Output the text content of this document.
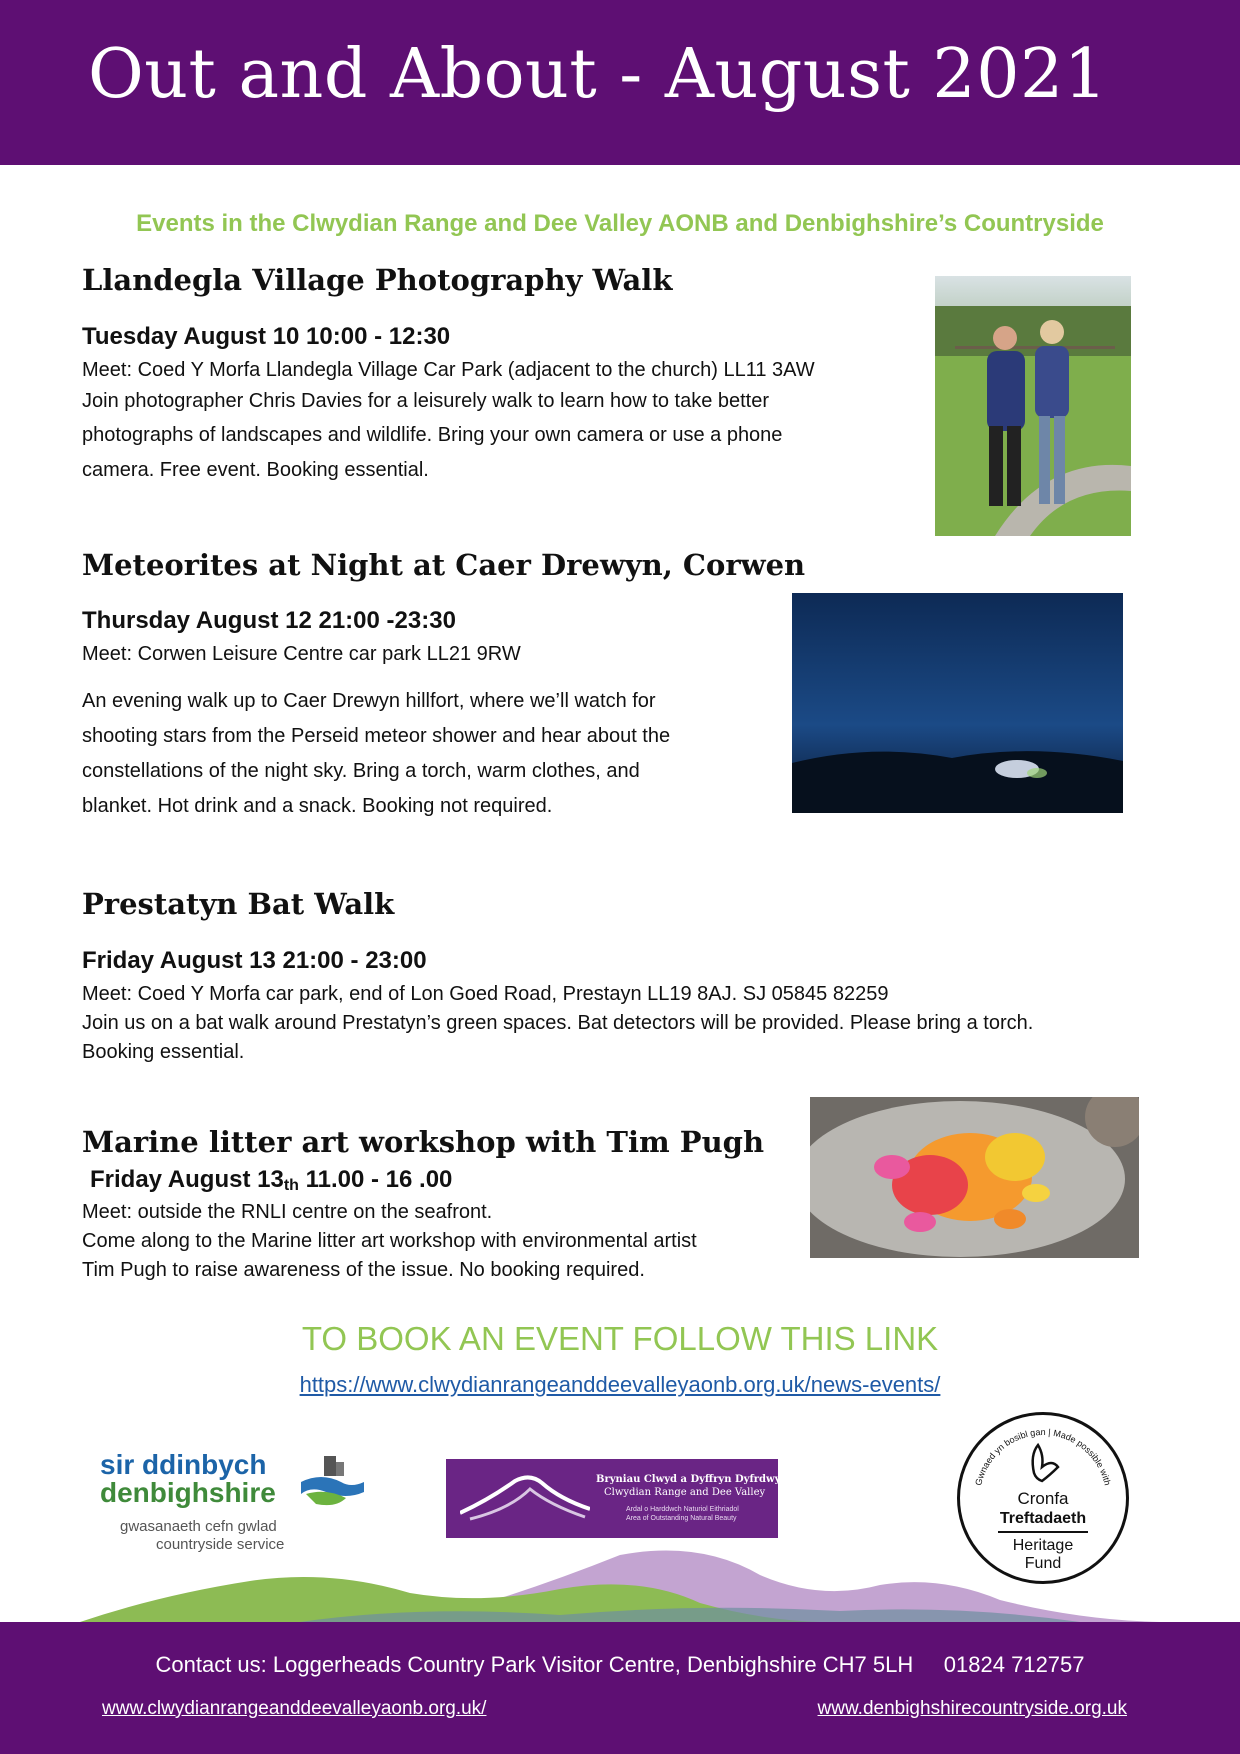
Out and About - August 2021
Events in the Clwydian Range and Dee Valley AONB and Denbighshire’s Countryside
Llandegla Village Photography Walk
Tuesday August 10 10:00 - 12:30

Meet: Coed Y Morfa Llandegla Village Car Park (adjacent to the church) LL11 3AW

Join photographer Chris Davies for a leisurely walk to learn how to take better

photographs of landscapes and wildlife. Bring your own camera or use a phone

camera. Free event. Booking essential.

Meteorites at Night at Caer Drewyn, Corwen
Thursday August 12 21:00 -23:30

Meet: Corwen Leisure Centre car park LL21 9RW

An evening walk up to Caer Drewyn hillfort, where we’ll watch for

shooting stars from the Perseid meteor shower and hear about the

constellations of the night sky. Bring a torch, warm clothes, and

blanket. Hot drink and a snack. Booking not required.

Prestatyn Bat Walk
Friday August 13 21:00 - 23:00

Meet: Coed Y Morfa car park, end of Lon Goed Road, Prestayn LL19 8AJ. SJ 05845 82259

Join us on a bat walk around Prestatyn’s green spaces. Bat detectors will be provided. Please bring a torch.

Booking essential.

Marine litter art workshop with Tim Pugh
Friday August $13_{th}$ 11.00 - 16 .00

Meet: outside the RNLI centre on the seafront.

Come along to the Marine litter art workshop with environmental artist

Tim Pugh to raise awareness of the issue. No booking required.

TO BOOK AN EVENT FOLLOW THIS LINK
https://www.clwydianrangeanddeevalleyaonb.org.uk/news-events/
sir ddinbych
denbighshire
gwasanaeth cefn gwlad
countryside service
Bryniau Clwyd a Dyffryn Dyfrdwy
Clwydian Range and Dee Valley
Ardal o Harddwch Naturiol Eithriadol
Area of Outstanding Natural Beauty
Gwnaed yn bosibl gan | Made possible with
Cronfa
Treftadaeth
Heritage
Fund
Contact us: Loggerheads Country Park Visitor Centre, Denbighshire CH7 5LH     01824 712757
www.clwydianrangeanddeevalleyaonb.org.uk/	www.denbighshirecountryside.org.uk
